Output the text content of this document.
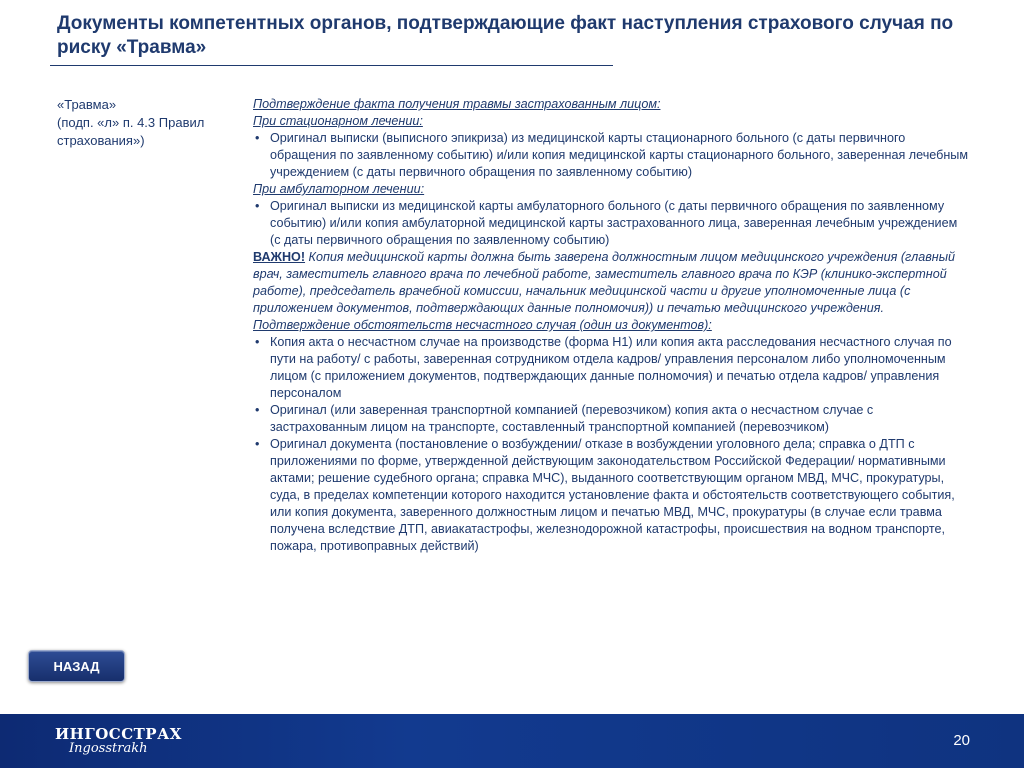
Документы компетентных органов, подтверждающие факт наступления страхового случая по риску «Травма»
«Травма»
(подп. «л» п. 4.3 Правил
страхования»)
Подтверждение факта получения травмы застрахованным лицом:
При стационарном лечении:
• Оригинал выписки (выписного эпикриза) из медицинской карты стационарного больного (с даты первичного обращения по заявленному событию) и/или копия медицинской карты стационарного больного, заверенная лечебным учреждением (с даты первичного обращения по заявленному событию)
При амбулаторном лечении:
• Оригинал выписки из медицинской карты амбулаторного больного (с даты первичного обращения по заявленному событию) и/или копия амбулаторной медицинской карты застрахованного лица, заверенная лечебным учреждением (с даты первичного обращения по заявленному событию)
ВАЖНО! Копия медицинской карты должна быть заверена должностным лицом медицинского учреждения (главный врач, заместитель главного врача по лечебной работе, заместитель главного врача по КЭР (клинико-экспертной работе), председатель врачебной комиссии, начальник медицинской части и другие уполномоченные лица (с приложением документов, подтверждающих данные полномочия)) и печатью медицинского учреждения.
Подтверждение обстоятельств несчастного случая (один из документов):
• Копия акта о несчастном случае на производстве (форма Н1) или копия акта расследования несчастного случая по пути на работу/ с работы, заверенная сотрудником отдела кадров/ управления персоналом либо уполномоченным лицом (с приложением документов, подтверждающих данные полномочия) и печатью отдела кадров/ управления персоналом
• Оригинал (или заверенная транспортной компанией (перевозчиком) копия акта о несчастном случае с застрахованным лицом на транспорте, составленный транспортной компанией (перевозчиком)
• Оригинал документа (постановление о возбуждении/ отказе в возбуждении уголовного дела; справка о ДТП с приложениями по форме, утвержденной действующим законодательством Российской Федерации/ нормативными актами; решение судебного органа; справка МЧС), выданного соответствующим органом МВД, МЧС, прокуратуры, суда, в пределах компетенции которого находится установление факта и обстоятельств соответствующего события, или копия документа, заверенного должностным лицом и печатью МВД, МЧС, прокуратуры (в случае если травма получена вследствие ДТП, авиакатастрофы, железнодорожной катастрофы, происшествия на водном транспорте, пожара, противоправных действий)
НАЗАД
ИНГОССТРАХ
Ingosstrakh	20
